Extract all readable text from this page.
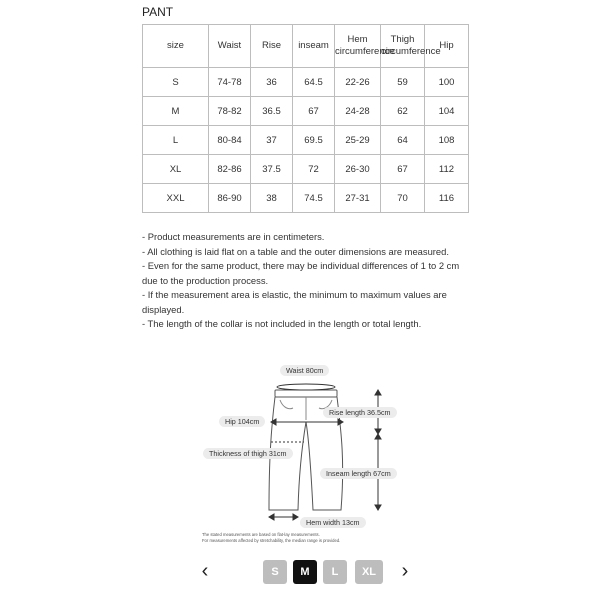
PANT
size	Waist	Rise	inseam	Hem circumference	Thigh circumference	Hip
S	74-78	36	64.5	22-26	59	100
M	78-82	36.5	67	24-28	62	104
L	80-84	37	69.5	25-29	64	108
XL	82-86	37.5	72	26-30	67	112
XXL	86-90	38	74.5	27-31	70	116
- Product measurements are in centimeters.
- All clothing is laid flat on a table and the outer dimensions are measured.
- Even for the same product, there may be individual differences of 1 to 2 cm due to the production process.
- If the measurement area is elastic, the minimum to maximum values are displayed.
- The length of the collar is not included in the length or total length.
Waist 80cm
Rise length 36.5cm
Hip 104cm
Thickness of thigh 31cm
Inseam length 67cm
Hem width 13cm
The stated measurements are based on flat-lay measurements.
For measurements affected by stretchability, the median range is provided.
‹	S	M	L	XL	›
